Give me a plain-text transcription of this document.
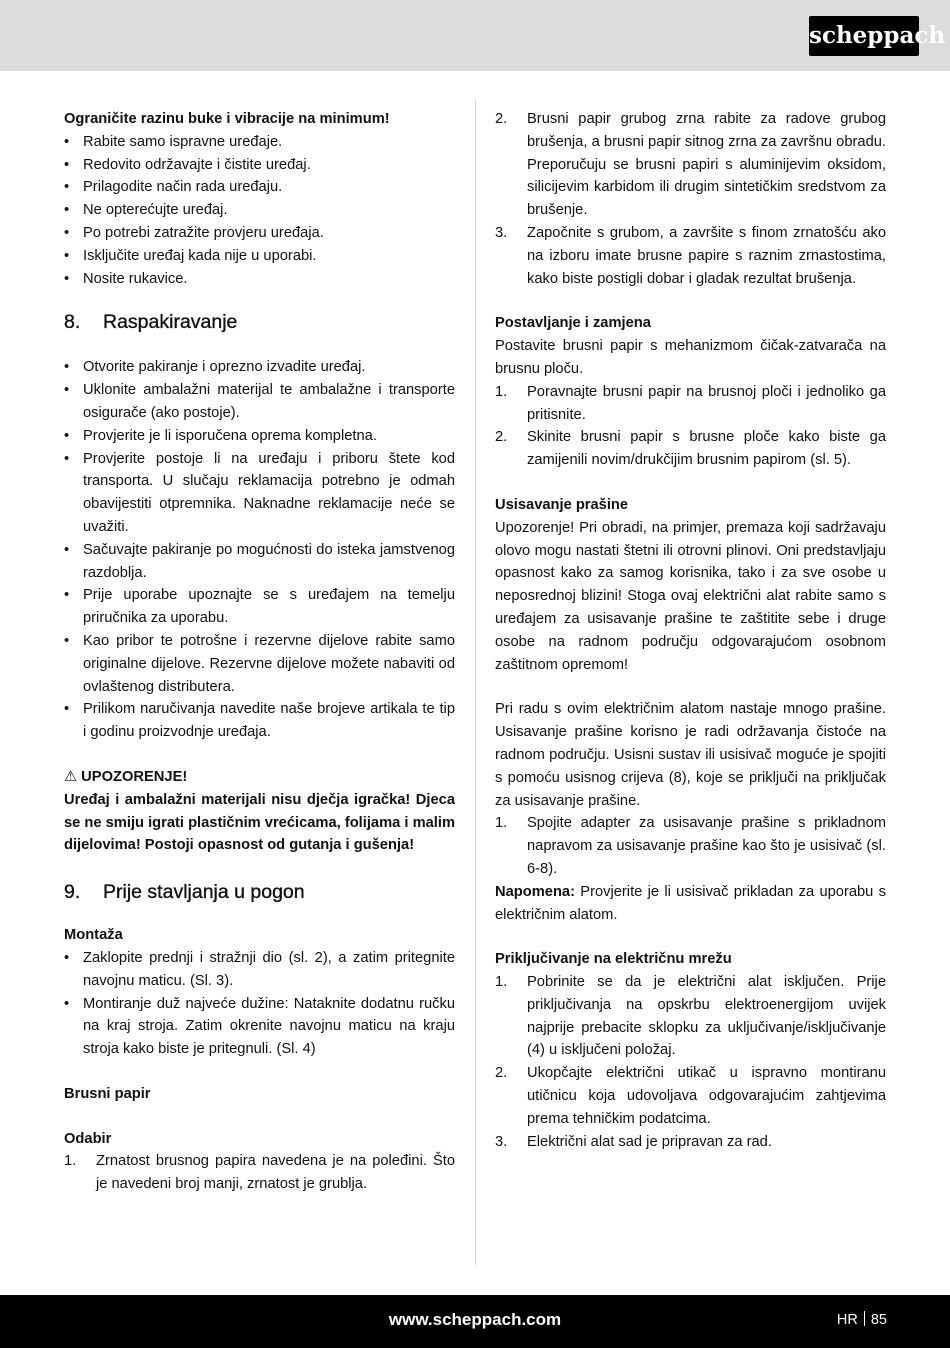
scheppach

Ograničite razinu buke i vibracije na minimum!

• Rabite samo ispravne uređaje.
• Redovito održavajte i čistite uređaj.
• Prilagodite način rada uređaju.
• Ne opterećujte uređaj.
• Po potrebi zatražite provjeru uređaja.
• Isključite uređaj kada nije u uporabi.
• Nosite rukavice.
8. Raspakiravanje
• Otvorite pakiranje i oprezno izvadite uređaj.
• Uklonite ambalažni materijal te ambalažne i transporte osigurače (ako postoje).
• Provjerite je li isporučena oprema kompletna.
• Provjerite postoje li na uređaju i priboru štete kod transporta. U slučaju reklamacija potrebno je odmah obavijestiti otpremnika. Naknadne reklamacije neće se uvažiti.
• Sačuvajte pakiranje po mogućnosti do isteka jamstvenog razdoblja.
• Prije uporabe upoznajte se s uređajem na temelju priručnika za uporabu.
• Kao pribor te potrošne i rezervne dijelove rabite samo originalne dijelove. Rezervne dijelove možete nabaviti od ovlaštenog distributera.
• Prilikom naručivanja navedite naše brojeve artikala te tip i godinu proizvodnje uređaja.

⚠ UPOZORENJE!

Uređaj i ambalažni materijali nisu dječja igračka! Djeca se ne smiju igrati plastičnim vrećicama, folijama i malim dijelovima! Postoji opasnost od gutanja i gušenja!

9. Prije stavljanja u pogon

Montaža

• Zaklopite prednji i stražnji dio (sl. 2), a zatim pritegnite navojnu maticu. (Sl. 3).
• Montiranje duž najveće dužine: Nataknite dodatnu ručku na kraj stroja. Zatim okrenite navojnu maticu na kraju stroja kako biste je pritegnuli. (Sl. 4)

Brusni papir

Odabir

1. Zrnatost brusnog papira navedena je na poleđini. Što je navedeni broj manji, zrnatost je grublja.
2. Brusni papir grubog zrna rabite za radove grubog brušenja, a brusni papir sitnog zrna za završnu obradu. Preporučuju se brusni papiri s aluminijevim oksidom, silicijevim karbidom ili drugim sintetičkim sredstvom za brušenje.
3. Započnite s grubom, a završite s finom zrnatošću ako na izboru imate brusne papire s raznim zrnastostima, kako biste postigli dobar i gladak rezultat brušenja.

Postavljanje i zamjena

Postavite brusni papir s mehanizmom čičak-zatvarača na brusnu ploču.

1. Poravnajte brusni papir na brusnoj ploči i jednoliko ga pritisnite.
2. Skinite brusni papir s brusne ploče kako biste ga zamijenili novim/drukčijim brusnim papirom (sl. 5).

Usisavanje prašine

Upozorenje! Pri obradi, na primjer, premaza koji sadržavaju olovo mogu nastati štetni ili otrovni plinovi. Oni predstavljaju opasnost kako za samog korisnika, tako i za sve osobe u neposrednoj blizini! Stoga ovaj električni alat rabite samo s uređajem za usisavanje prašine te zaštitite sebe i druge osobe na radnom području odgovarajućom osobnom zaštitnom opremom!

Pri radu s ovim električnim alatom nastaje mnogo prašine. Usisavanje prašine korisno je radi održavanja čistoće na radnom području. Usisni sustav ili usisivač moguće je spojiti s pomoću usisnog crijeva (8), koje se priključi na priključak za usisavanje prašine.

1. Spojite adapter za usisavanje prašine s prikladnom napravom za usisavanje prašine kao što je usisivač (sl. 6-8).

Napomena: Provjerite je li usisivač prikladan za uporabu s električnim alatom.

Priključivanje na električnu mrežu

1. Pobrinite se da je električni alat isključen. Prije priključivanja na opskrbu elektroenergijom uvijek najprije prebacite sklopku za uključivanje/isključivanje (4) u isključeni položaj.
2. Ukopčajte električni utikač u ispravno montiranu utičnicu koja udovoljava odgovarajućim zahtjevima prema tehničkim podatcima.
3. Električni alat sad je pripravan za rad.
www.scheppach.com	HR 85
